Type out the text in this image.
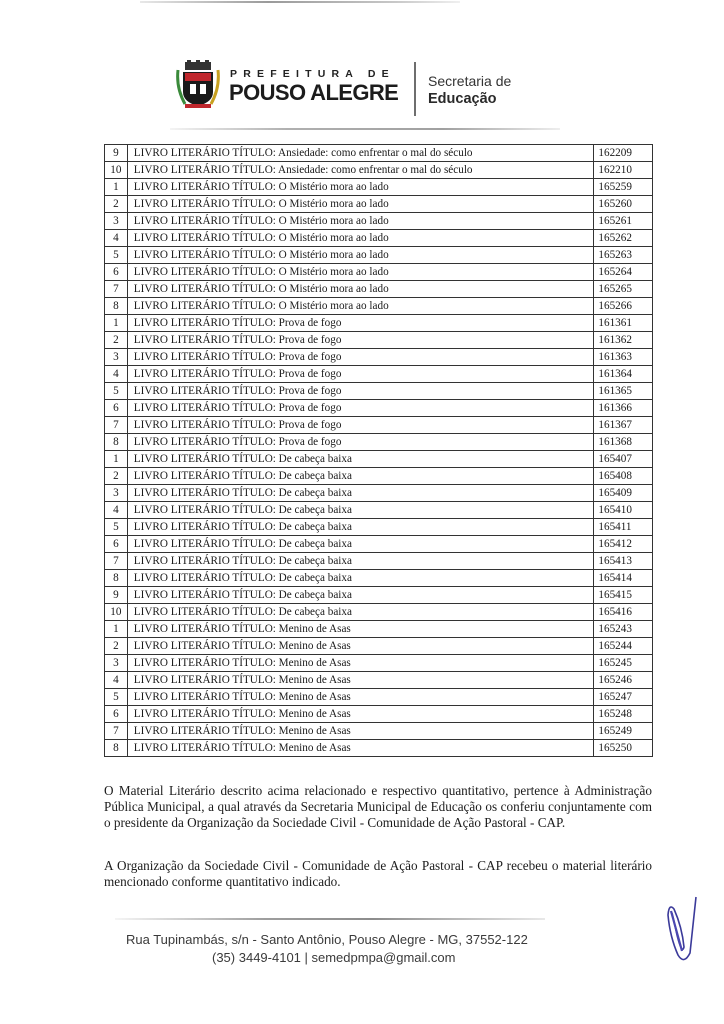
PREFEITURA DE
POUSO ALEGRE Secretaria de
Educação
9	LIVRO LITERÁRIO TÍTULO: Ansiedade: como enfrentar o mal do século	162209
10	LIVRO LITERÁRIO TÍTULO: Ansiedade: como enfrentar o mal do século	162210
1	LIVRO LITERÁRIO TÍTULO: O Mistério mora ao lado	165259
2	LIVRO LITERÁRIO TÍTULO: O Mistério mora ao lado	165260
3	LIVRO LITERÁRIO TÍTULO: O Mistério mora ao lado	165261
4	LIVRO LITERÁRIO TÍTULO: O Mistério mora ao lado	165262
5	LIVRO LITERÁRIO TÍTULO: O Mistério mora ao lado	165263
6	LIVRO LITERÁRIO TÍTULO: O Mistério mora ao lado	165264
7	LIVRO LITERÁRIO TÍTULO: O Mistério mora ao lado	165265
8	LIVRO LITERÁRIO TÍTULO: O Mistério mora ao lado	165266
1	LIVRO LITERÁRIO TÍTULO: Prova de fogo	161361
2	LIVRO LITERÁRIO TÍTULO: Prova de fogo	161362
3	LIVRO LITERÁRIO TÍTULO: Prova de fogo	161363
4	LIVRO LITERÁRIO TÍTULO: Prova de fogo	161364
5	LIVRO LITERÁRIO TÍTULO: Prova de fogo	161365
6	LIVRO LITERÁRIO TÍTULO: Prova de fogo	161366
7	LIVRO LITERÁRIO TÍTULO: Prova de fogo	161367
8	LIVRO LITERÁRIO TÍTULO: Prova de fogo	161368
1	LIVRO LITERÁRIO TÍTULO: De cabeça baixa	165407
2	LIVRO LITERÁRIO TÍTULO: De cabeça baixa	165408
3	LIVRO LITERÁRIO TÍTULO: De cabeça baixa	165409
4	LIVRO LITERÁRIO TÍTULO: De cabeça baixa	165410
5	LIVRO LITERÁRIO TÍTULO: De cabeça baixa	165411
6	LIVRO LITERÁRIO TÍTULO: De cabeça baixa	165412
7	LIVRO LITERÁRIO TÍTULO: De cabeça baixa	165413
8	LIVRO LITERÁRIO TÍTULO: De cabeça baixa	165414
9	LIVRO LITERÁRIO TÍTULO: De cabeça baixa	165415
10	LIVRO LITERÁRIO TÍTULO: De cabeça baixa	165416
1	LIVRO LITERÁRIO TÍTULO: Menino de Asas	165243
2	LIVRO LITERÁRIO TÍTULO: Menino de Asas	165244
3	LIVRO LITERÁRIO TÍTULO: Menino de Asas	165245
4	LIVRO LITERÁRIO TÍTULO: Menino de Asas	165246
5	LIVRO LITERÁRIO TÍTULO: Menino de Asas	165247
6	LIVRO LITERÁRIO TÍTULO: Menino de Asas	165248
7	LIVRO LITERÁRIO TÍTULO: Menino de Asas	165249
8	LIVRO LITERÁRIO TÍTULO: Menino de Asas	165250
O Material Literário descrito acima relacionado e respectivo quantitativo, pertence à Administração Pública Municipal, a qual através da Secretaria Municipal de Educação os conferiu conjuntamente com o presidente da Organização da Sociedade Civil - Comunidade de Ação Pastoral - CAP.
A Organização da Sociedade Civil - Comunidade de Ação Pastoral - CAP recebeu o material literário mencionado conforme quantitativo indicado.
Rua Tupinambás, s/n - Santo Antônio, Pouso Alegre - MG, 37552-122
(35) 3449-4101 | semedpmpa@gmail.com
